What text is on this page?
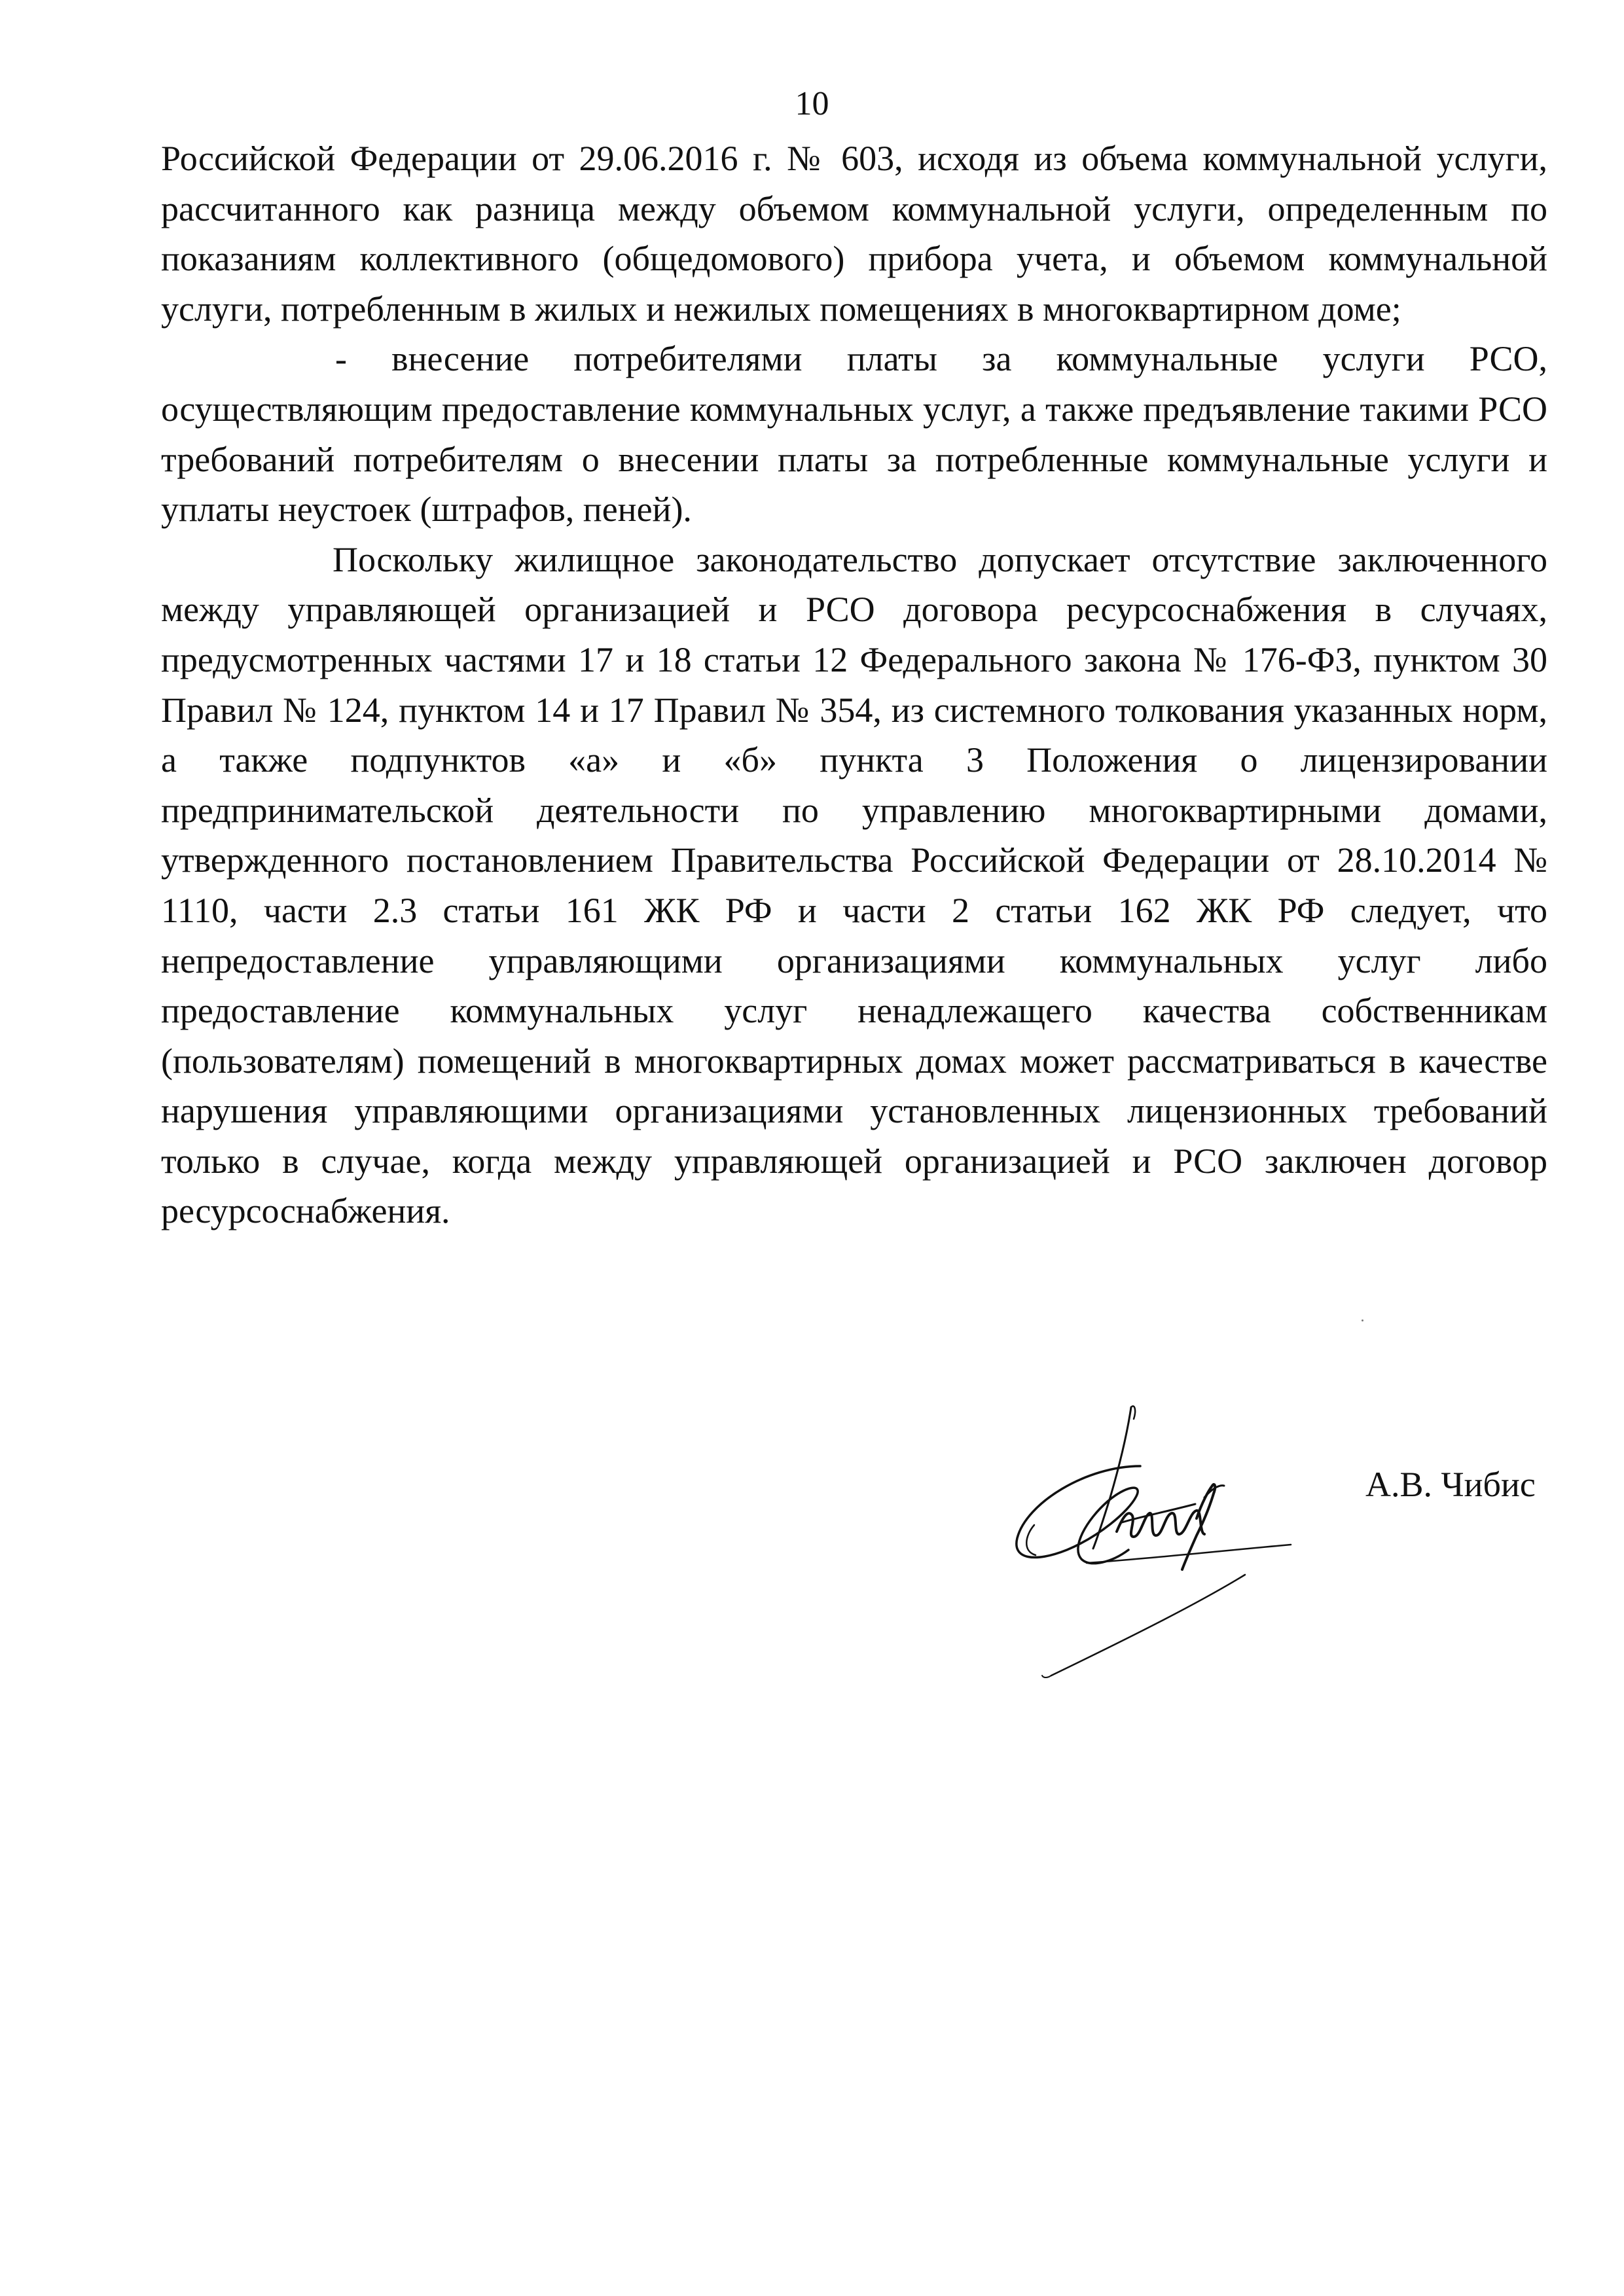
10

Российской Федерации от 29.06.2016 г. № 603, исходя из объема коммунальной услуги, рассчитанного как разница между объемом коммунальной услуги, определенным по показаниям коллективного (общедомового) прибора учета, и объемом коммунальной услуги, потребленным в жилых и нежилых помещениях в многоквартирном доме;

- внесение потребителями платы за коммунальные услуги РСО, осуществляющим предоставление коммунальных услуг, а также предъявление такими РСО требований потребителям о внесении платы за потребленные коммунальные услуги и уплаты неустоек (штрафов, пеней).

Поскольку жилищное законодательство допускает отсутствие заключенного между управляющей организацией и РСО договора ресурсоснабжения в случаях, предусмотренных частями 17 и 18 статьи 12 Федерального закона № 176-ФЗ, пунктом 30 Правил № 124, пунктом 14 и 17 Правил № 354, из системного толкования указанных норм, а также подпунктов «а» и «б» пункта 3 Положения о лицензировании предпринимательской деятельности по управлению многоквартирными домами, утвержденного постановлением Правительства Российской Федерации от 28.10.2014 № 1110, части 2.3 статьи 161 ЖК РФ и части 2 статьи 162 ЖК РФ следует, что непредоставление управляющими организациями коммунальных услуг либо предоставление коммунальных услуг ненадлежащего качества собственникам (пользователям) помещений в многоквартирных домах может рассматриваться в качестве нарушения управляющими организациями установленных лицензионных требований только в случае, когда между управляющей организацией и РСО заключен договор ресурсоснабжения.

А.В. Чибис
